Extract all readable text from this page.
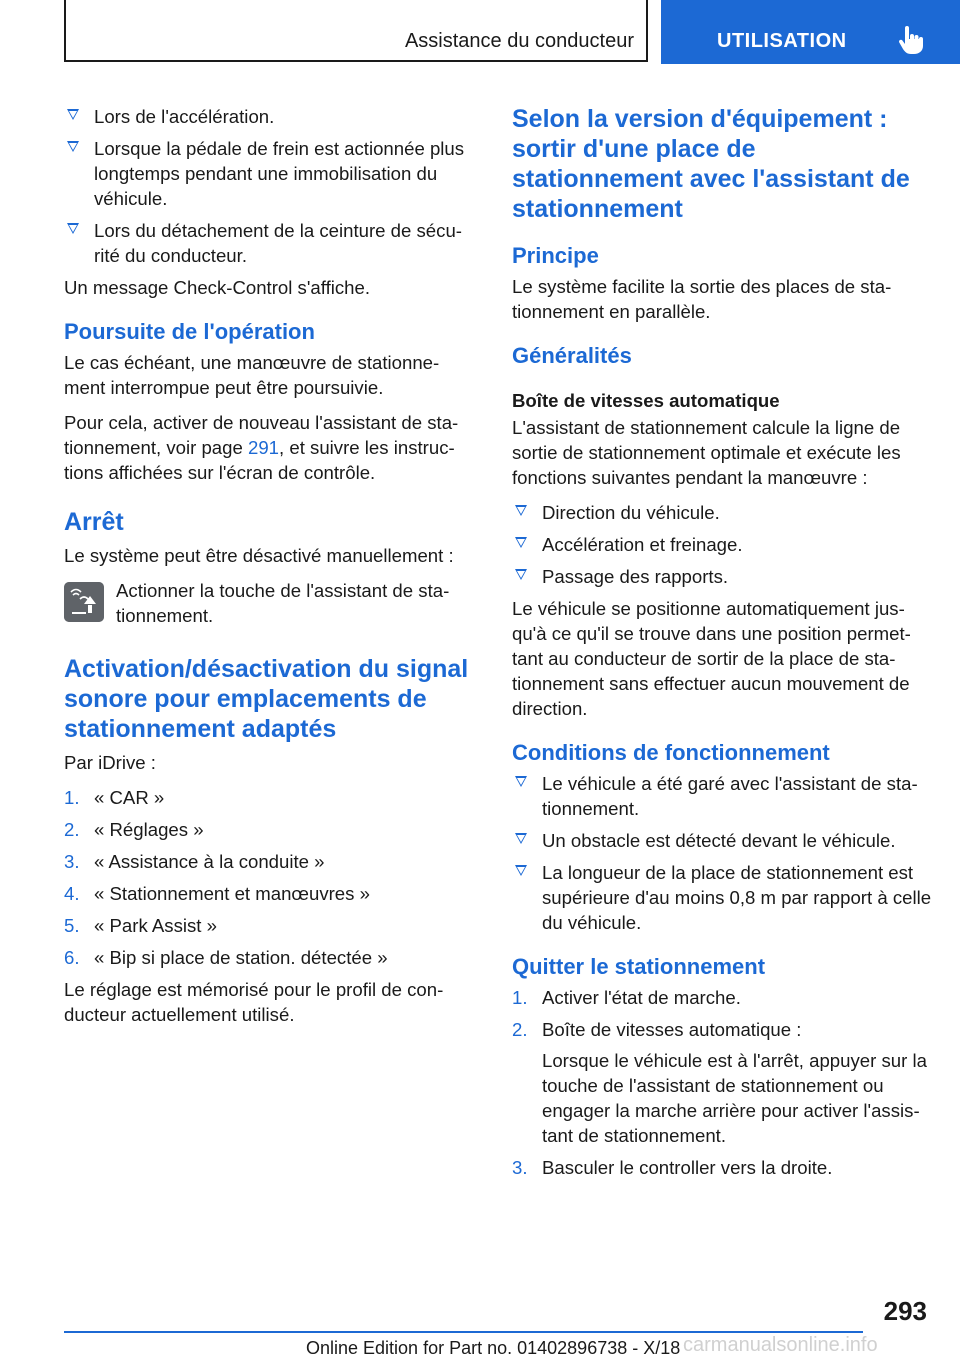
Assistance du conducteur	UTILISATION
Lors de l'accélération.
Lorsque la pédale de frein est actionnée plus longtemps pendant une immobilisation du véhicule.
Lors du détachement de la ceinture de sécu-rité du conducteur.

Un message Check-Control s'affiche.

Poursuite de l'opération

Le cas échéant, une manœuvre de stationne-ment interrompue peut être poursuivie.

Pour cela, activer de nouveau l'assistant de sta-tionnement, voir page 291, et suivre les instruc-tions affichées sur l'écran de contrôle.

Arrêt

Le système peut être désactivé manuellement :

Actionner la touche de l'assistant de sta-tionnement.

Activation/désactivation du signal sonore pour emplacements de stationnement adaptés

Par iDrive :

1. « CAR »
2. « Réglages »
3. « Assistance à la conduite »
4. « Stationnement et manœuvres »
5. « Park Assist »
6. « Bip si place de station. détectée »

Le réglage est mémorisé pour le profil de con-ducteur actuellement utilisé.

Selon la version d'équipement : sortir d'une place de stationnement avec l'assistant de stationnement
Principe

Le système facilite la sortie des places de sta-tionnement en parallèle.

Généralités
Boîte de vitesses automatique

L'assistant de stationnement calcule la ligne de sortie de stationnement optimale et exécute les fonctions suivantes pendant la manœuvre :

Direction du véhicule.
Accélération et freinage.
Passage des rapports.

Le véhicule se positionne automatiquement jus-qu'à ce qu'il se trouve dans une position permet-tant au conducteur de sortir de la place de sta-tionnement sans effectuer aucun mouvement de direction.

Conditions de fonctionnement
Le véhicule a été garé avec l'assistant de sta-tionnement.
Un obstacle est détecté devant le véhicule.
La longueur de la place de stationnement est supérieure d'au moins 0,8 m par rapport à celle du véhicule.
Quitter le stationnement
1. Activer l'état de marche.
2. Boîte de vitesses automatique :
Lorsque le véhicule est à l'arrêt, appuyer sur la touche de l'assistant de stationnement ou engager la marche arrière pour activer l'assis-tant de stationnement.
3. Basculer le controller vers la droite.
293
Online Edition for Part no. 01402896738 - X/18 carmanualsonline.info
